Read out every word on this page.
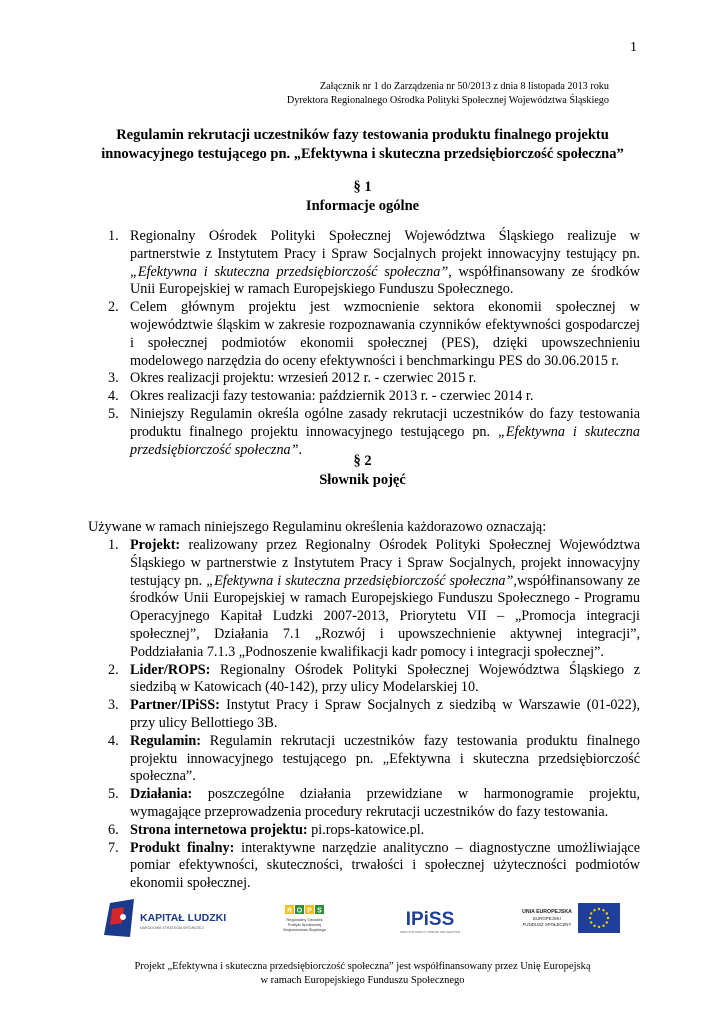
1
Załącznik nr 1 do Zarządzenia nr 50/2013 z dnia 8 listopada 2013 roku
Dyrektora Regionalnego Ośrodka Polityki Społecznej Województwa Śląskiego
Regulamin rekrutacji uczestników fazy testowania produktu finalnego projektu
innowacyjnego testującego pn. „Efektywna i skuteczna przedsiębiorczość społeczna”
§ 1
Informacje ogólne
1. Regionalny Ośrodek Polityki Społecznej Województwa Śląskiego realizuje w partnerstwie z Instytutem Pracy i Spraw Socjalnych projekt innowacyjny testujący pn. „Efektywna i skuteczna przedsiębiorczość społeczna”, współfinansowany ze środków Unii Europejskiej w ramach Europejskiego Funduszu Społecznego.
2. Celem głównym projektu jest wzmocnienie sektora ekonomii społecznej w województwie śląskim w zakresie rozpoznawania czynników efektywności gospodarczej i społecznej podmiotów ekonomii społecznej (PES), dzięki upowszechnieniu modelowego narzędzia do oceny efektywności i benchmarkingu PES do 30.06.2015 r.
3. Okres realizacji projektu: wrzesień 2012 r. - czerwiec 2015 r.
4. Okres realizacji fazy testowania: październik 2013 r. - czerwiec 2014 r.
5. Niniejszy Regulamin określa ogólne zasady rekrutacji uczestników do fazy testowania produktu finalnego projektu innowacyjnego testującego pn. „Efektywna i skuteczna przedsiębiorczość społeczna”.
§ 2
Słownik pojęć
Używane w ramach niniejszego Regulaminu określenia każdorazowo oznaczają:
1. Projekt: realizowany przez Regionalny Ośrodek Polityki Społecznej Województwa Śląskiego w partnerstwie z Instytutem Pracy i Spraw Socjalnych, projekt innowacyjny testujący pn. „Efektywna i skuteczna przedsiębiorczość społeczna”,współfinansowany ze środków Unii Europejskiej w ramach Europejskiego Funduszu Społecznego - Programu Operacyjnego Kapitał Ludzki 2007-2013, Priorytetu VII – „Promocja integracji społecznej”, Działania 7.1 „Rozwój i upowszechnienie aktywnej integracji”, Poddziałania 7.1.3 „Podnoszenie kwalifikacji kadr pomocy i integracji społecznej”.
2. Lider/ROPS: Regionalny Ośrodek Polityki Społecznej Województwa Śląskiego z siedzibą w Katowicach (40-142), przy ulicy Modelarskiej 10.
3. Partner/IPiSS: Instytut Pracy i Spraw Socjalnych z siedzibą w Warszawie (01-022), przy ulicy Bellottiego 3B.
4. Regulamin: Regulamin rekrutacji uczestników fazy testowania produktu finalnego projektu innowacyjnego testującego pn. „Efektywna i skuteczna przedsiębiorczość społeczna”.
5. Działania: poszczególne działania przewidziane w harmonogramie projektu, wymagające przeprowadzenia procedury rekrutacji uczestników do fazy testowania.
6. Strona internetowa projektu: pi.rops-katowice.pl.
7. Produkt finalny: interaktywne narzędzie analityczno – diagnostyczne umożliwiające pomiar efektywności, skuteczności, trwałości i społecznej użyteczności podmiotów ekonomii społecznej.
KAPITAŁ LUDZKI
NARODOWA STRATEGIA SPÓJNOŚCI
R O P S
Regionalny Ośrodek
Polityki Społecznej
Województwa Śląskiego	IPiSS
INSTYTUT PRACY I SPRAW SOCJALNYCH
UNIA EUROPEJSKA
EUROPEJSKI
FUNDUSZ SPOŁECZNY
Projekt „Efektywna i skuteczna przedsiębiorczość społeczna” jest współfinansowany przez Unię Europejską
w ramach Europejskiego Funduszu Społecznego
